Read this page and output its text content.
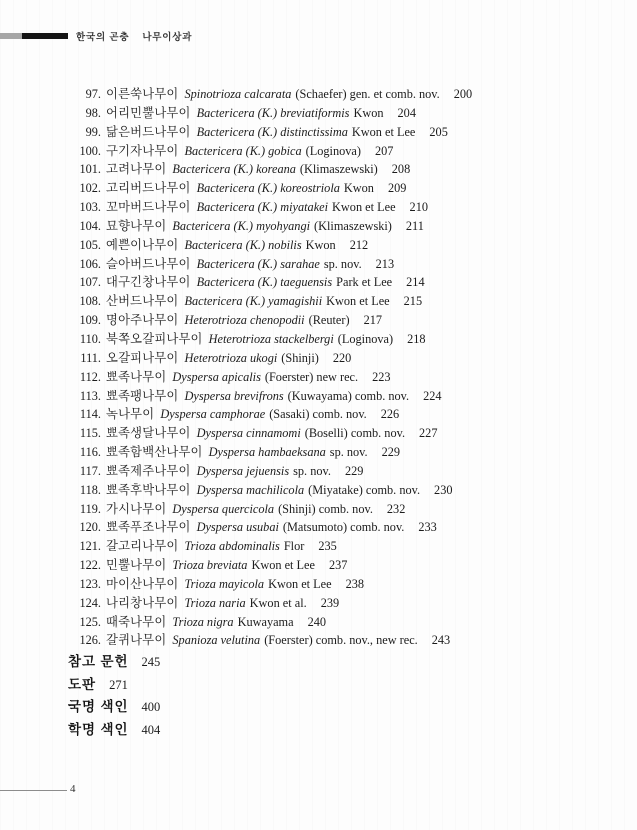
한국의 곤충 나무이상과
97. 이른쑥나무이 Spinotrioza calcarata (Schaefer) gen. et comb. nov. 200
98. 어리민뿔나무이 Bactericera (K.) breviatiformis Kwon 204
99. 닮은버드나무이 Bactericera (K.) distinctissima Kwon et Lee 205
100. 구기자나무이 Bactericera (K.) gobica (Loginova) 207
101. 고려나무이 Bactericera (K.) koreana (Klimaszewski) 208
102. 고리버드나무이 Bactericera (K.) koreostriola Kwon 209
103. 꼬마버드나무이 Bactericera (K.) miyatakei Kwon et Lee 210
104. 묘향나무이 Bactericera (K.) myohyangi (Klimaszewski) 211
105. 예쁜이나무이 Bactericera (K.) nobilis Kwon 212
106. 슬아버드나무이 Bactericera (K.) sarahae sp. nov. 213
107. 대구긴창나무이 Bactericera (K.) taeguensis Park et Lee 214
108. 산버드나무이 Bactericera (K.) yamagishii Kwon et Lee 215
109. 명아주나무이 Heterotrioza chenopodii (Reuter) 217
110. 북쪽오갈피나무이 Heterotrioza stackelbergi (Loginova) 218
111. 오갈피나무이 Heterotrioza ukogi (Shinji) 220
112. 뾰족나무이 Dyspersa apicalis (Foerster) new rec. 223
113. 뾰족팽나무이 Dyspersa brevifrons (Kuwayama) comb. nov. 224
114. 녹나무이 Dyspersa camphorae (Sasaki) comb. nov. 226
115. 뾰족생달나무이 Dyspersa cinnamomi (Boselli) comb. nov. 227
116. 뾰족함백산나무이 Dyspersa hambaeksana sp. nov. 229
117. 뾰족제주나무이 Dyspersa jejuensis sp. nov. 229
118. 뾰족후박나무이 Dyspersa machilicola (Miyatake) comb. nov. 230
119. 가시나무이 Dyspersa quercicola (Shinji) comb. nov. 232
120. 뾰족푸조나무이 Dyspersa usubai (Matsumoto) comb. nov. 233
121. 갈고리나무이 Trioza abdominalis Flor 235
122. 민뿔나무이 Trioza breviata Kwon et Lee 237
123. 마이산나무이 Trioza mayicola Kwon et Lee 238
124. 나리창나무이 Trioza naria Kwon et al. 239
125. 때죽나무이 Trioza nigra Kuwayama 240
126. 갈퀴나무이 Spanioza velutina (Foerster) comb. nov., new rec. 243
참고 문헌 245
도판 271
국명 색인 400
학명 색인 404
4
